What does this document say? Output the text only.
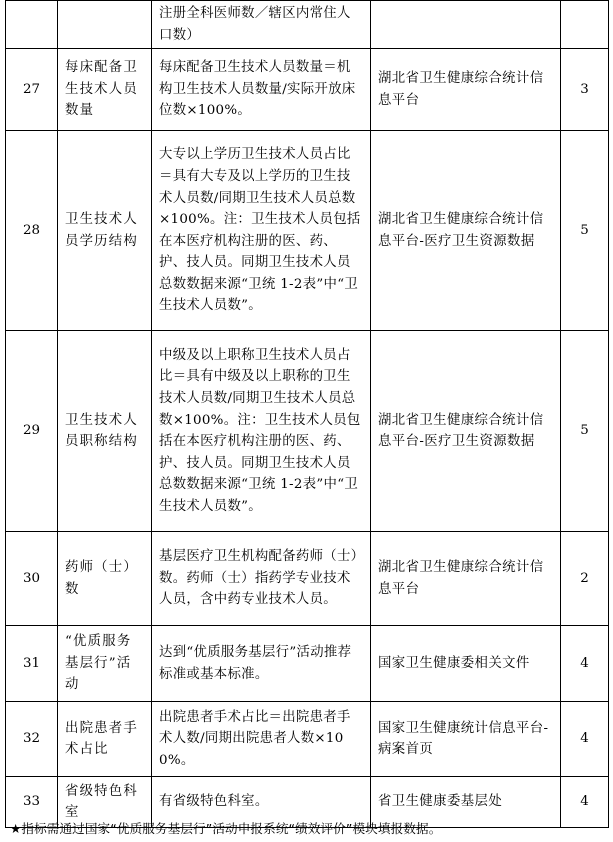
		注册全科医师数／辖区内常住人口数）		
27	每床配备卫生技术人员数量	每床配备卫生技术人员数量＝机构卫生技术人员数量/实际开放床位数×100%。	湖北省卫生健康综合统计信息平台	3
28	卫生技术人员学历结构	大专以上学历卫生技术人员占比＝具有大专及以上学历的卫生技术人员数/同期卫生技术人员总数×100%。注：卫生技术人员包括在本医疗机构注册的医、药、护、技人员。同期卫生技术人员总数数据来源“卫统 1-2表”中“卫生技术人员数”。	湖北省卫生健康综合统计信息平台-医疗卫生资源数据	5
29	卫生技术人员职称结构	中级及以上职称卫生技术人员占比＝具有中级及以上职称的卫生技术人员数/同期卫生技术人员总数×100%。注：卫生技术人员包括在本医疗机构注册的医、药、护、技人员。同期卫生技术人员总数数据来源“卫统 1-2表”中“卫生技术人员数”。	湖北省卫生健康综合统计信息平台-医疗卫生资源数据	5
30	药师（士）数	基层医疗卫生机构配备药师（士）数。药师（士）指药学专业技术人员，含中药专业技术人员。	湖北省卫生健康综合统计信息平台	2
31	“优质服务基层行”活动	达到“优质服务基层行”活动推荐标准或基本标准。	国家卫生健康委相关文件	4
32	出院患者手术占比	出院患者手术占比＝出院患者手术人数/同期出院患者人数×100%。	国家卫生健康统计信息平台-病案首页	4
33	省级特色科室	有省级特色科室。	省卫生健康委基层处	4
★指标需通过国家“优质服务基层行”活动申报系统“绩效评价”模块填报数据。
